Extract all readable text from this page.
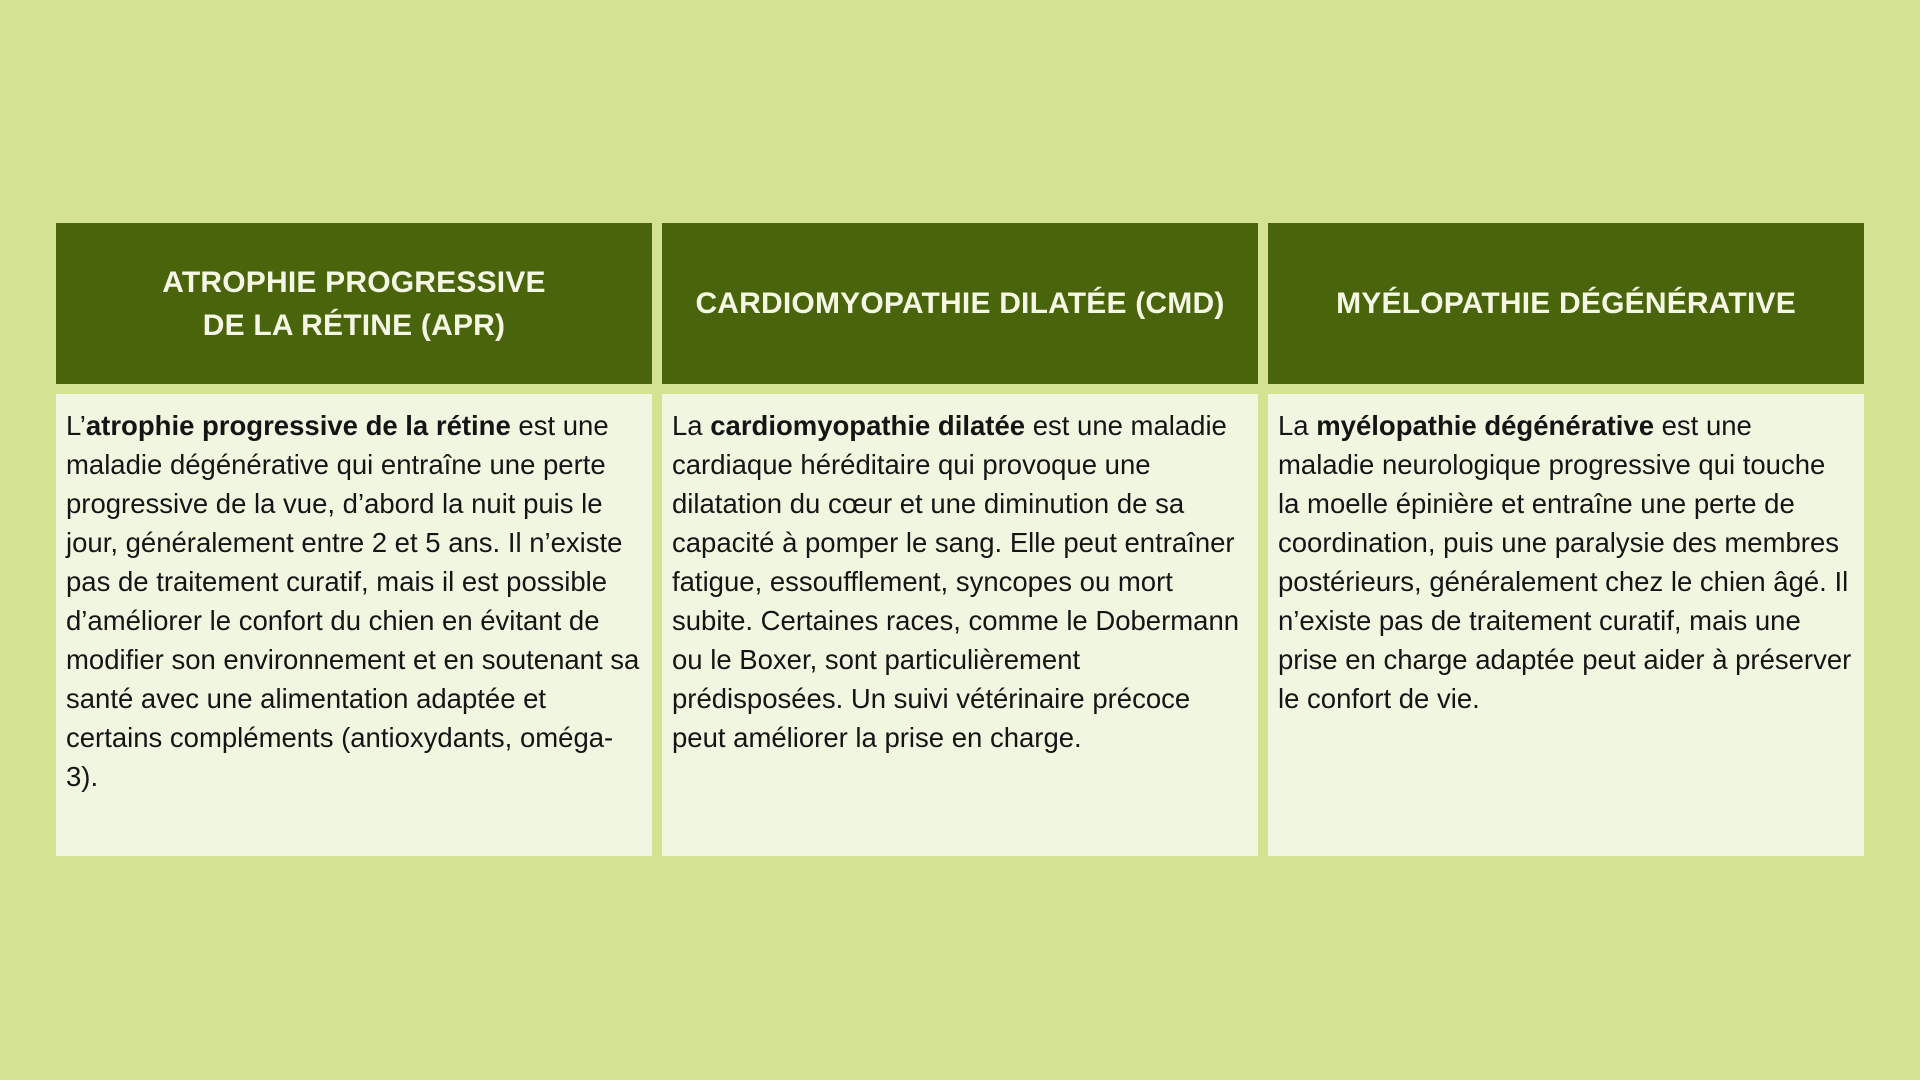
ATROPHIE PROGRESSIVE
DE LA RÉTINE (APR)
CARDIOMYOPATHIE DILATÉE (CMD)	MYÉLOPATHIE DÉGÉNÉRATIVE

L’atrophie progressive de la rétine est une maladie dégénérative qui entraîne une perte progressive de la vue, d’abord la nuit puis le jour, généralement entre 2 et 5 ans. Il n’existe pas de traitement curatif, mais il est possible d’améliorer le confort du chien en évitant de modifier son environnement et en soutenant sa santé avec une alimentation adaptée et certains compléments (antioxydants, oméga-3).

La cardiomyopathie dilatée est une maladie cardiaque héréditaire qui provoque une dilatation du cœur et une diminution de sa capacité à pomper le sang. Elle peut entraîner fatigue, essoufflement, syncopes ou mort subite. Certaines races, comme le Dobermann ou le Boxer, sont particulièrement prédisposées. Un suivi vétérinaire précoce peut améliorer la prise en charge.

La myélopathie dégénérative est une maladie neurologique progressive qui touche la moelle épinière et entraîne une perte de coordination, puis une paralysie des membres postérieurs, généralement chez le chien âgé. Il n’existe pas de traitement curatif, mais une prise en charge adaptée peut aider à préserver le confort de vie.
